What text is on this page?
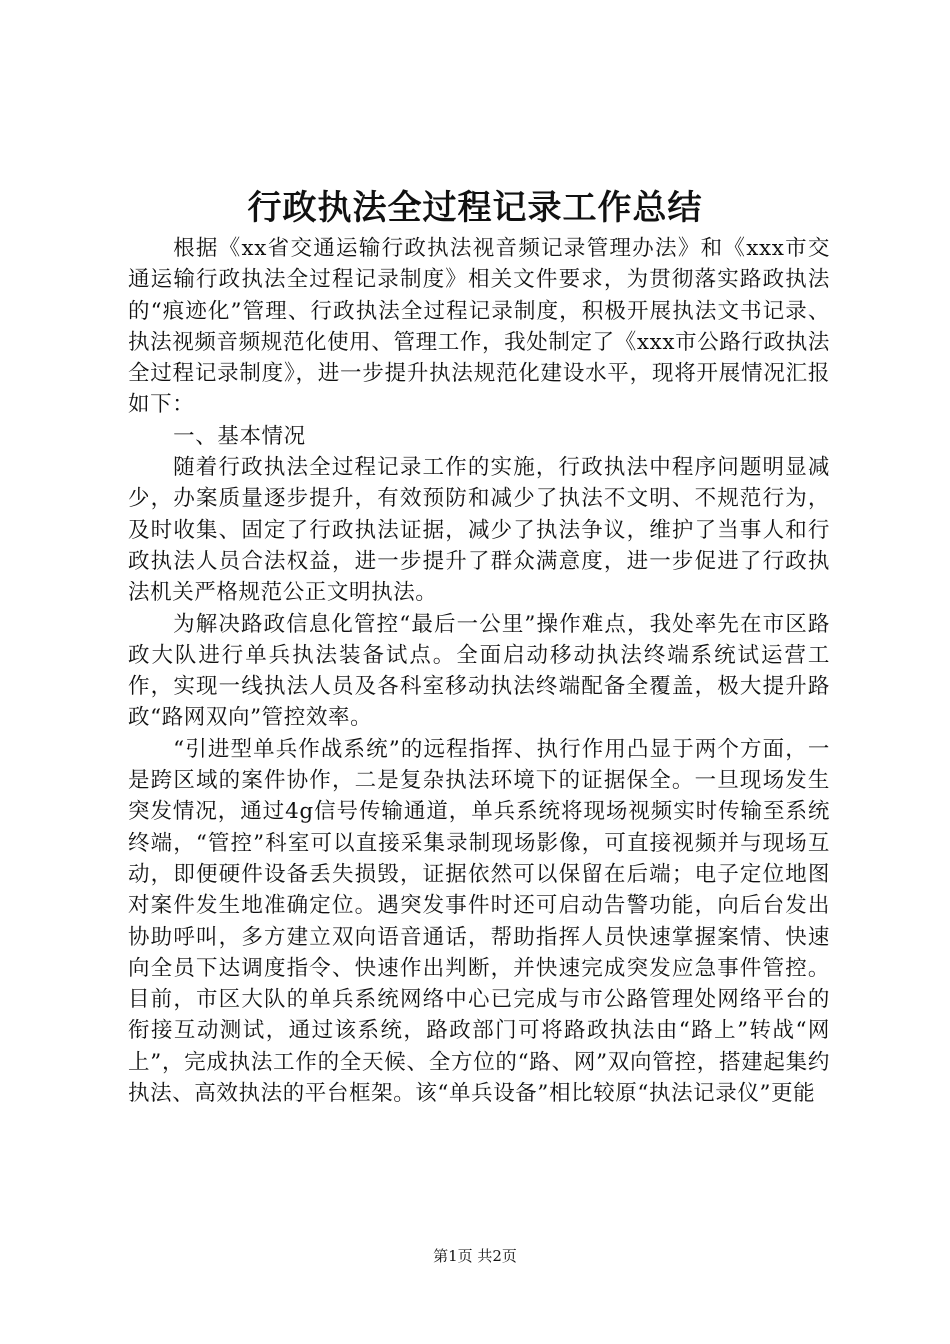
行政执法全过程记录工作总结

根据《xx省交通运输行政执法视音频记录管理办法》和《xxx市交通运输行政执法全过程记录制度》相关文件要求，为贯彻落实路政执法的“痕迹化”管理、行政执法全过程记录制度，积极开展执法文书记录、执法视频音频规范化使用、管理工作，我处制定了《xxx市公路行政执法全过程记录制度》，进一步提升执法规范化建设水平，现将开展情况汇报如下：

一、基本情况

随着行政执法全过程记录工作的实施，行政执法中程序问题明显减少，办案质量逐步提升，有效预防和减少了执法不文明、不规范行为，及时收集、固定了行政执法证据，减少了执法争议，维护了当事人和行政执法人员合法权益，进一步提升了群众满意度，进一步促进了行政执法机关严格规范公正文明执法。

为解决路政信息化管控“最后一公里”操作难点，我处率先在市区路政大队进行单兵执法装备试点。全面启动移动执法终端系统试运营工作，实现一线执法人员及各科室移动执法终端配备全覆盖，极大提升路政“路网双向”管控效率。

“引进型单兵作战系统”的远程指挥、执行作用凸显于两个方面，一是跨区域的案件协作，二是复杂执法环境下的证据保全。一旦现场发生突发情况，通过4g信号传输通道，单兵系统将现场视频实时传输至系统终端，“管控”科室可以直接采集录制现场影像，可直接视频并与现场互动，即便硬件设备丢失损毁，证据依然可以保留在后端；电子定位地图对案件发生地准确定位。遇突发事件时还可启动告警功能，向后台发出协助呼叫，多方建立双向语音通话，帮助指挥人员快速掌握案情、快速向全员下达调度指令、快速作出判断，并快速完成突发应急事件管控。目前，市区大队的单兵系统网络中心已完成与市公路管理处网络平台的衔接互动测试，通过该系统，路政部门可将路政执法由“路上”转战“网上”，完成执法工作的全天候、全方位的“路、网”双向管控，搭建起集约执法、高效执法的平台框架。该“单兵设备”相比较原“执法记录仪”更能

第1页 共2页
